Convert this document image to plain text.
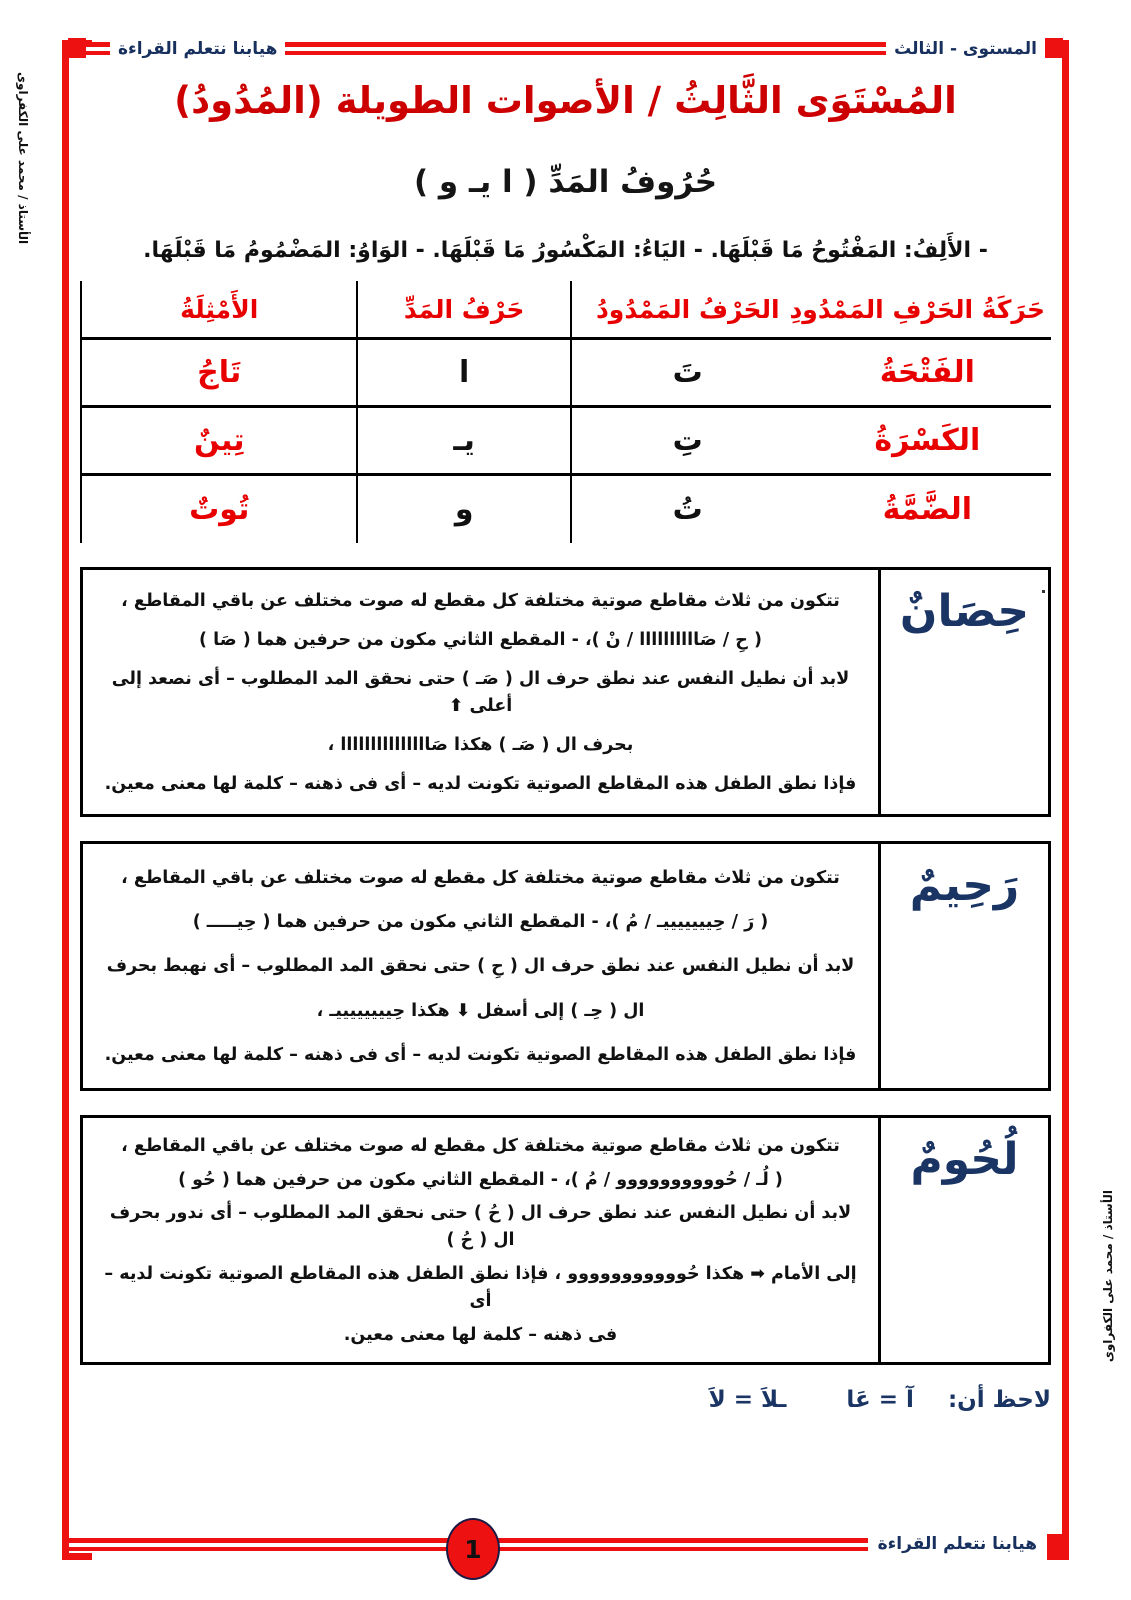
المستوى - الثالث
هيابنا نتعلم القراءة
الأستاذ / محمد على الكفراوى
الأستاذ / محمد على الكفراوى
المُسْتَوَى الثَّالِثُ / الأصوات الطويلة (المُدُودُ)
حُرُوفُ المَدِّ ( ا يـ و )
- الأَلِفُ: المَفْتُوحُ مَا قَبْلَهَا. - اليَاءُ: المَكْسُورُ مَا قَبْلَهَا. - الوَاوُ: المَضْمُومُ مَا قَبْلَهَا.
حَرَكَةُ الحَرْفِ المَمْدُودِ	الحَرْفُ المَمْدُودُ	حَرْفُ المَدِّ	الأَمْثِلَةُ
الفَتْحَةُ	تَ	ا	تَاجُ
الكَسْرَةُ	تِ	يـ	تِينٌ
الضَّمَّةُ	تُ	و	تُوتٌ
حِصَانٌ
تتكون من ثلاث مقاطع صوتية مختلفة كل مقطع له صوت مختلف عن باقي المقاطع ،
( حِ / صَاااااااااا / نْ )، - المقطع الثاني مكون من حرفين هما ( صَا )
لابد أن نطيل النفس عند نطق حرف ال ( صَـ ) حتى نحقق المد المطلوب – أى نصعد إلى أعلى ⬆
بحرف ال ( صَـ ) هكذا صَااااااااااااااا ،
فإذا نطق الطفل هذه المقاطع الصوتية تكونت لديه – أى فى ذهنه – كلمة لها معنى معين.
رَحِيمٌ
تتكون من ثلاث مقاطع صوتية مختلفة كل مقطع له صوت مختلف عن باقي المقاطع ،
( رَ / حِيييييييـ / مُ )، - المقطع الثاني مكون من حرفين هما ( حِيـــــ )
لابد أن نطيل النفس عند نطق حرف ال ( حِ ) حتى نحقق المد المطلوب – أى نهبط بحرف
ال ( حِـ ) إلى أسفل ⬇ هكذا حِييييييييـ ،
فإذا نطق الطفل هذه المقاطع الصوتية تكونت لديه – أى فى ذهنه – كلمة لها معنى معين.
لُحُومٌ
تتكون من ثلاث مقاطع صوتية مختلفة كل مقطع له صوت مختلف عن باقي المقاطع ،
( لُـ / حُوووووووووو / مُ )، - المقطع الثاني مكون من حرفين هما ( حُو )
لابد أن نطيل النفس عند نطق حرف ال ( حُ ) حتى نحقق المد المطلوب – أى ندور بحرف ال ( حُ )
إلى الأمام ➡ هكذا حُووووووووووو ، فإذا نطق الطفل هذه المقاطع الصوتية تكونت لديه – أى
فى ذهنه – كلمة لها معنى معين.
لاحظ أن: آ = عَا ـلاَ = لاَ
هيابنا نتعلم القراءة
1
